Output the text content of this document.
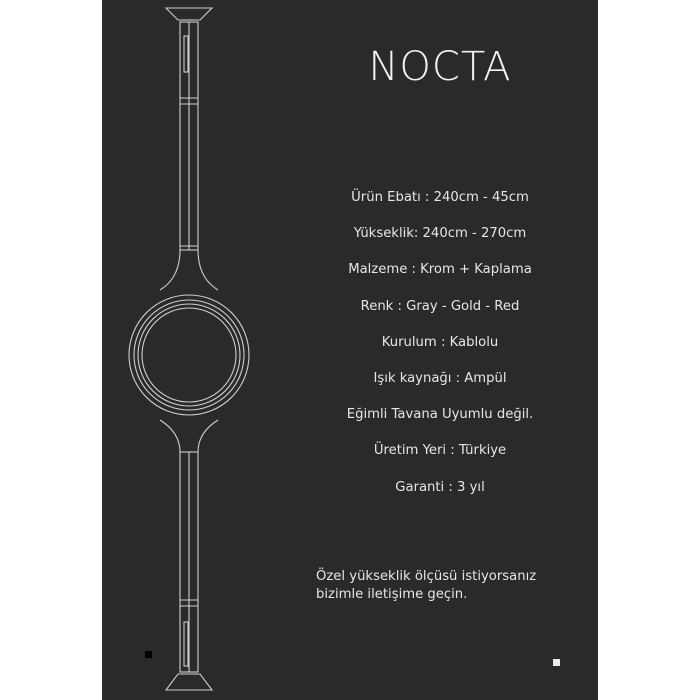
NOCTA
Ürün Ebatı : 240cm - 45cm
Yükseklik: 240cm - 270cm
Malzeme : Krom + Kaplama
Renk : Gray - Gold - Red
Kurulum : Kablolu
Işık kaynağı : Ampül
Eğimli Tavana Uyumlu değil.
Üretim Yeri : Türkiye
Garanti : 3 yıl
Özel yükseklik ölçüsü istiyorsanız
bizimle iletişime geçin.
